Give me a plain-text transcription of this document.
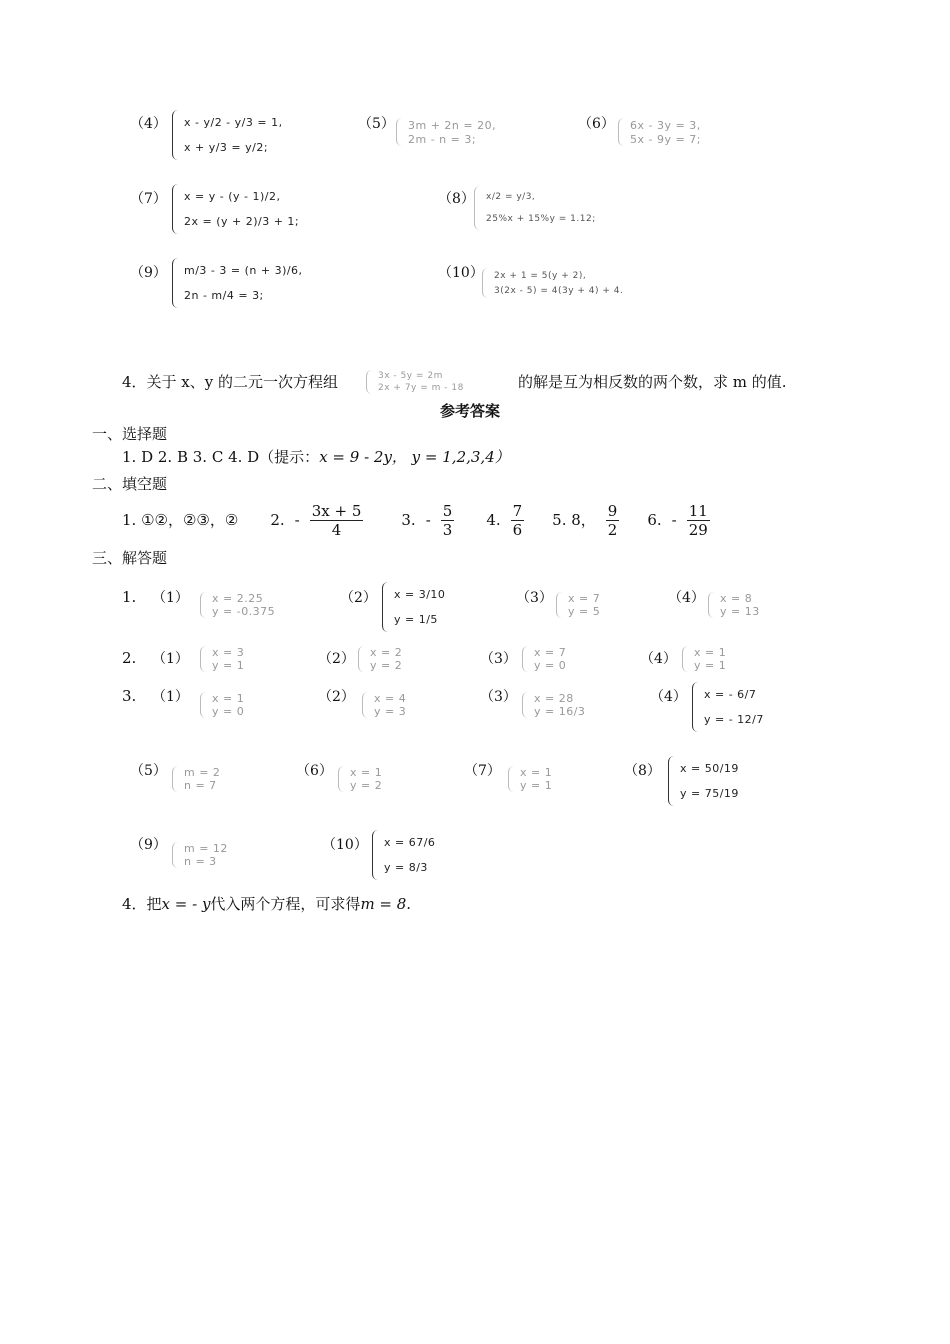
（4） x - y/2 - y/3 = 1,
x + y/3 = y/2;
（5） 3m + 2n = 20,
2m - n = 3;
（6） 6x - 3y = 3,
5x - 9y = 7;
（7） x = y - (y - 1)/2,
2x = (y + 2)/3 + 1;
（8） x/2 = y/3,
25%x + 15%y = 1.12;
（9） m/3 - 3 = (n + 3)/6,
2n - m/4 = 3;
（10） 2x + 1 = 5(y + 2),
3(2x - 5) = 4(3y + 4) + 4.
4．关于 x、y 的二元一次方程组	3x - 5y = 2m
2x + 7y = m - 18	的解是互为相反数的两个数，求 m 的值.
参考答案
一、选择题
1. D 2. B 3. C 4. D（提示：x = 9 - 2y， y = 1,2,3,4）
二、填空题
1. ①②，②③，② 2. - $\frac{3x + 5}{4}$	3. - $\frac{5}{3} 4$. $\frac{7}{6} 5$. 8， $\frac{9}{2} 6$. - $\frac{11}{29}$
三、解答题
1. （1） x = 2.25
y = -0.375
（2） x = 3/10
y = 1/5
（3） x = 7
y = 5
（4） x = 8
y = 13
2. （1） x = 3
y = 1	（2） x = 2
y = 2	（3） x = 7
y = 0	（4） x = 1
y = 1
3. （1） x = 1
y = 0
（2） x = 4
y = 3
（3） x = 28
y = 16/3
（4） x = - 6/7
y = - 12/7
（5） m = 2
n = 7
（6） x = 1
y = 2
（7） x = 1
y = 1
（8） x = 50/19
y = 75/19
（9） m = 12
n = 3
（10） x = 67/6
y = 8/3
4．把x = - y代入两个方程，可求得m = 8.
